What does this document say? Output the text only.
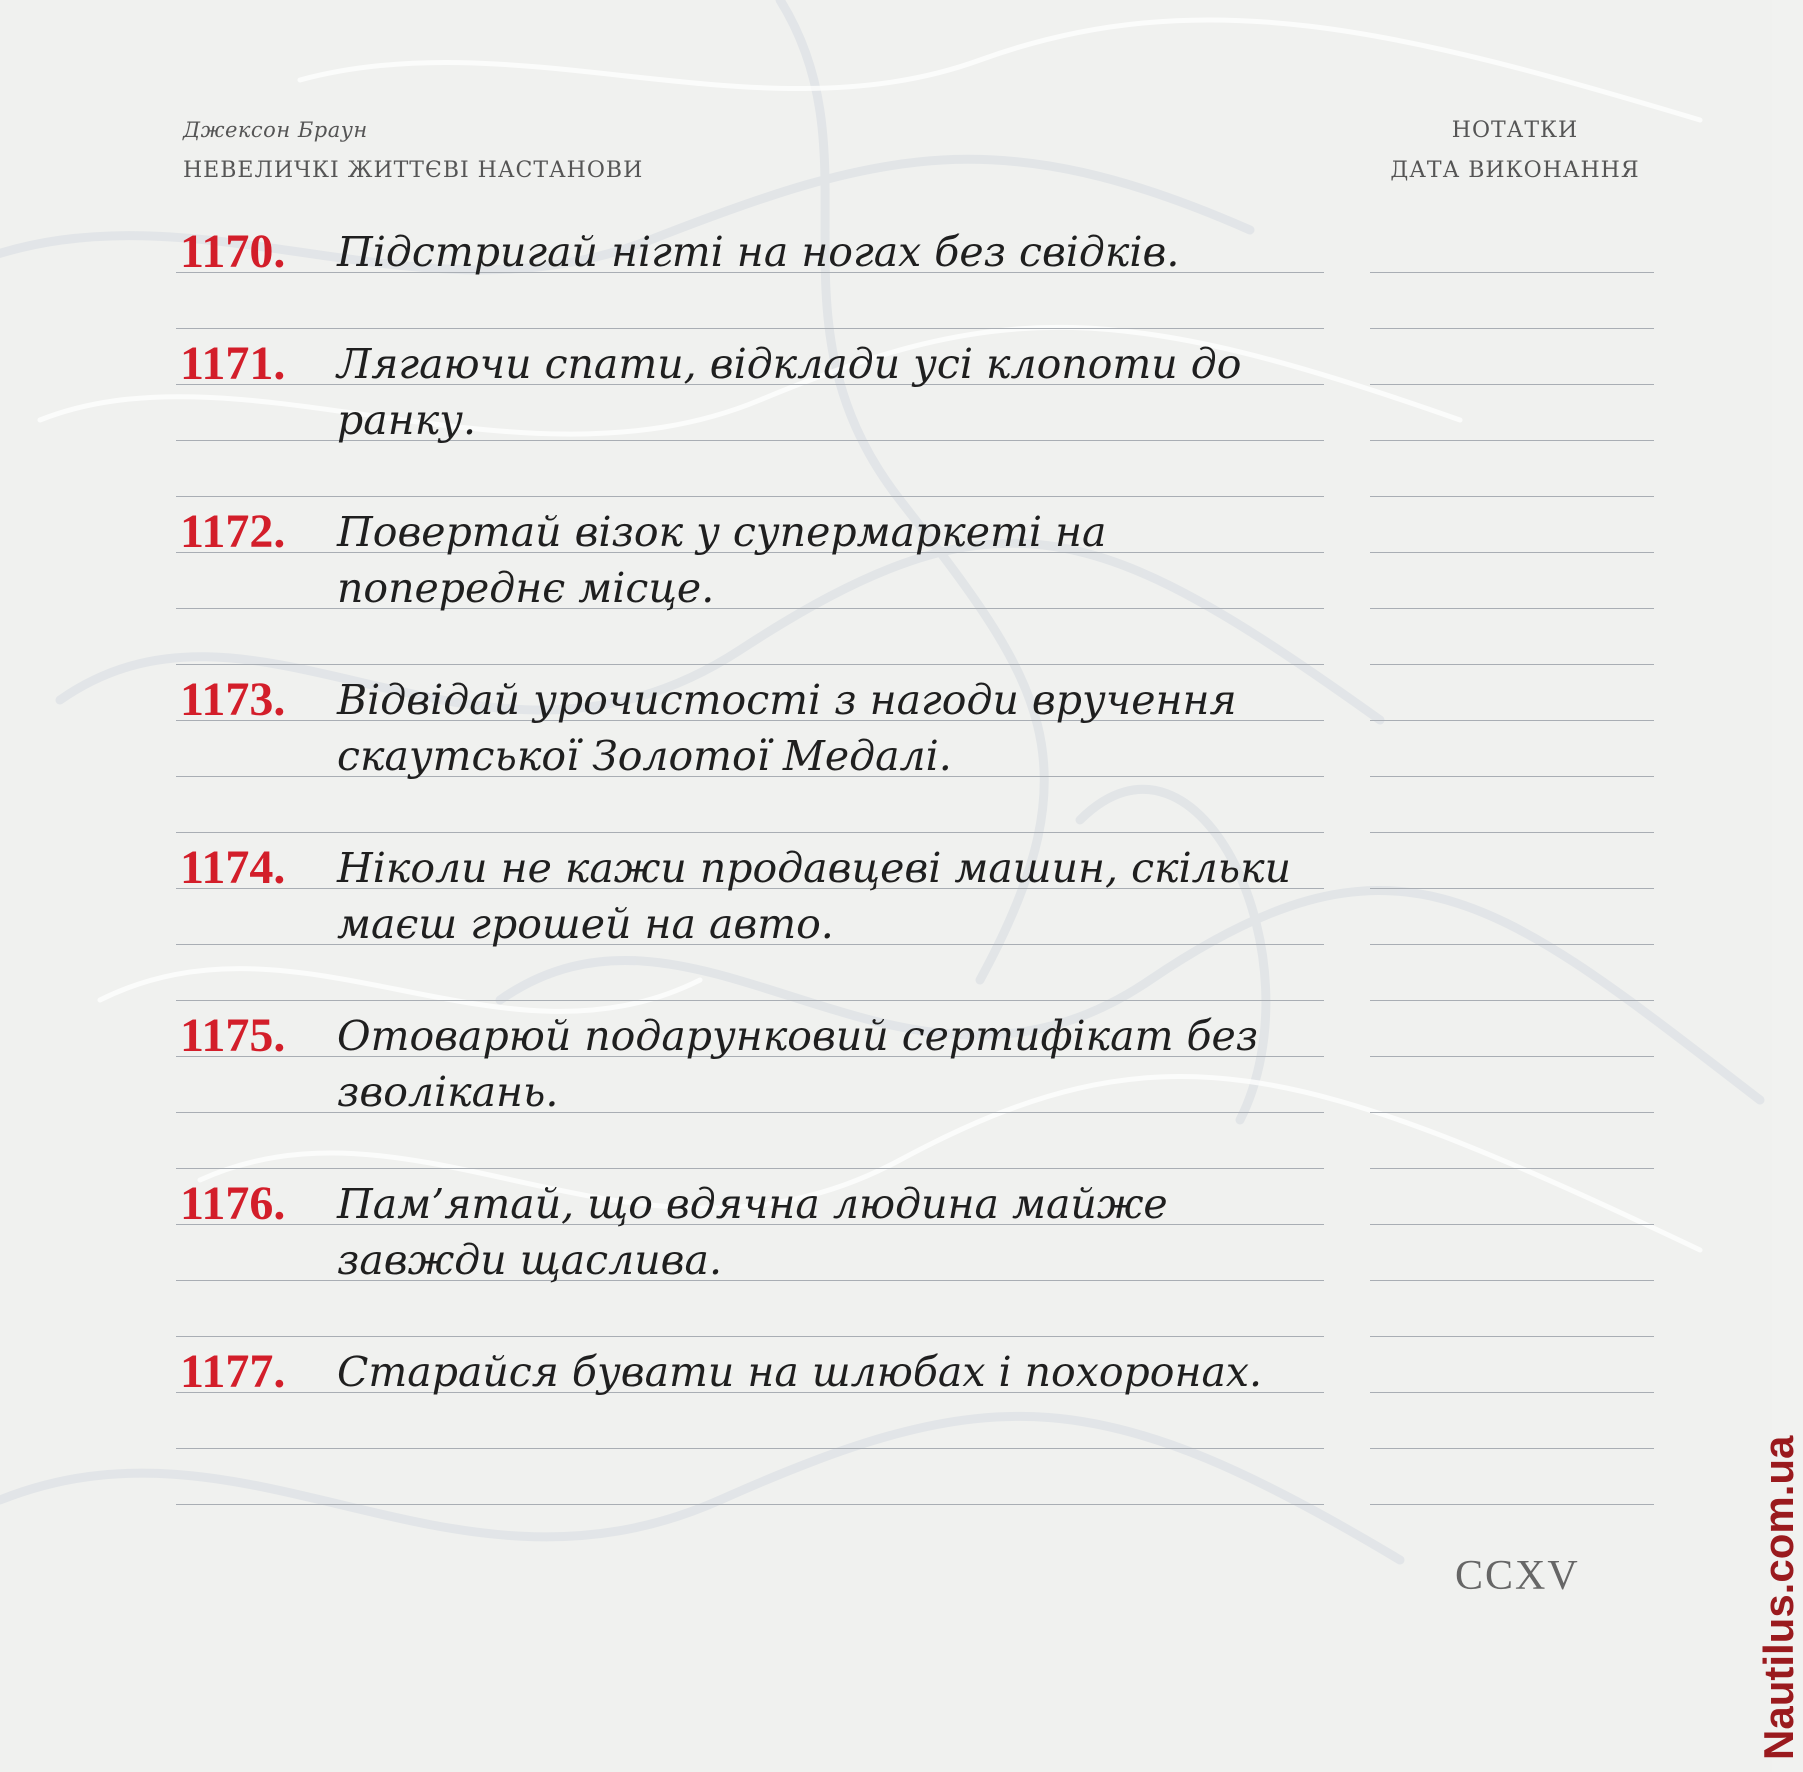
Джексон Браун
НЕВЕЛИЧКІ ЖИТТЄВІ НАСТАНОВИ
НОТАТКИ
ДАТА ВИКОНАННЯ
1170. Підстригай нігті на ногах без свідків.
1171. Лягаючи спати, відклади усі клопоти до ранку.
1172. Повертай візок у супермаркеті на попереднє місце.
1173. Відвідай урочистості з нагоди вручення скаутської Золотої Медалі.
1174. Ніколи не кажи продавцеві машин, скільки маєш грошей на авто.
1175. Отоварюй подарунковий сертифікат без зволікань.
1176. Пам’ятай, що вдячна людина майже завжди щаслива.
1177. Старайся бувати на шлюбах і похоронах.
CCXV	Nautilus.com.ua
